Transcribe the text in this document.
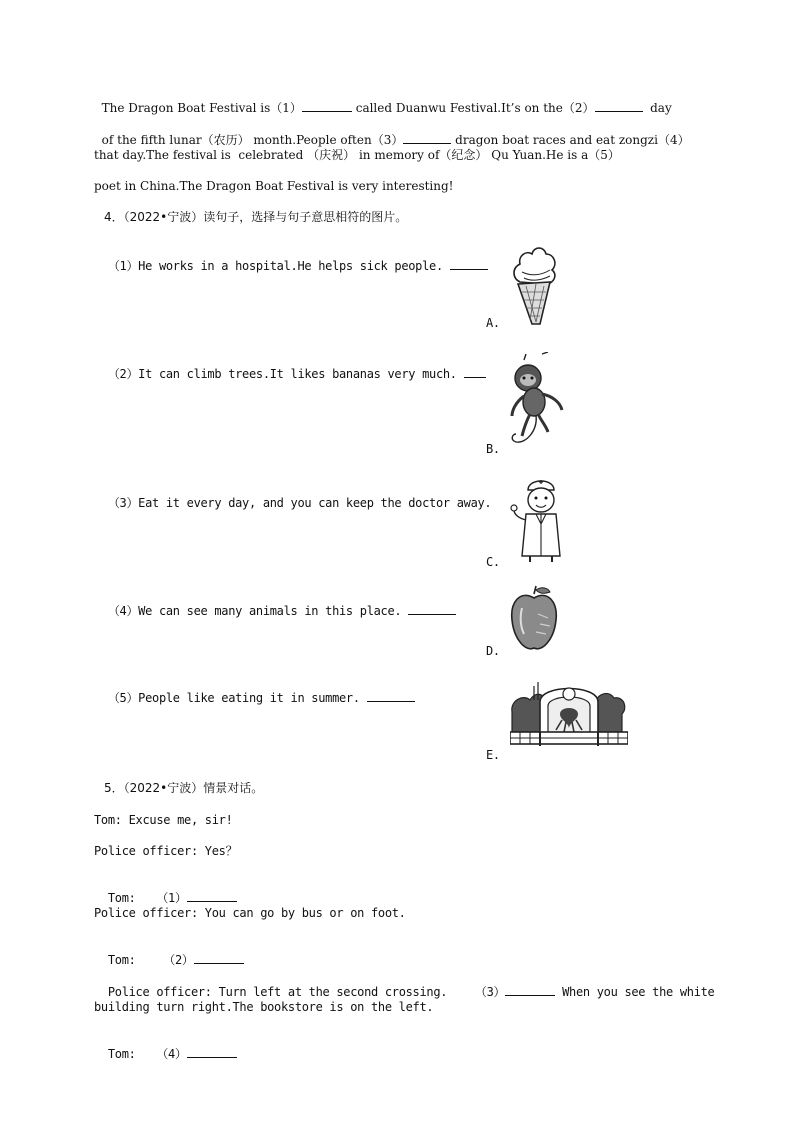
The Dragon Boat Festival is（1）	called Duanwu Festival.It’s on the（2）	day

of the fifth lunar（农历） month.People often（3）	dragon boat races and eat zongzi（4）

that day.The festival is  celebrated （庆祝） in memory of（纪念） Qu Yuan.He is a（5）
poet in China.The Dragon Boat Festival is very interesting!
4．（2022•宁波）读句子，选择与句子意思相符的图片。

（1）He works in a hospital.He helps sick people.

（2）It can climb trees.It likes bananas very much.

（3）Eat it every day, and you can keep the doctor away.

（4）We can see many animals in this place.

（5）People like eating it in summer.

A.
B.
C.
D.
E.
5．（2022•宁波）情景对话。
Tom: Excuse me, sir!
Police officer: Yes？

Tom:   （1）

Police officer: You can go by bus or on foot.

Tom:    （2）

Police officer: Turn left at the second crossing.    （3）	When you see the white

building turn right.The bookstore is on the left.

Tom:   （4）
